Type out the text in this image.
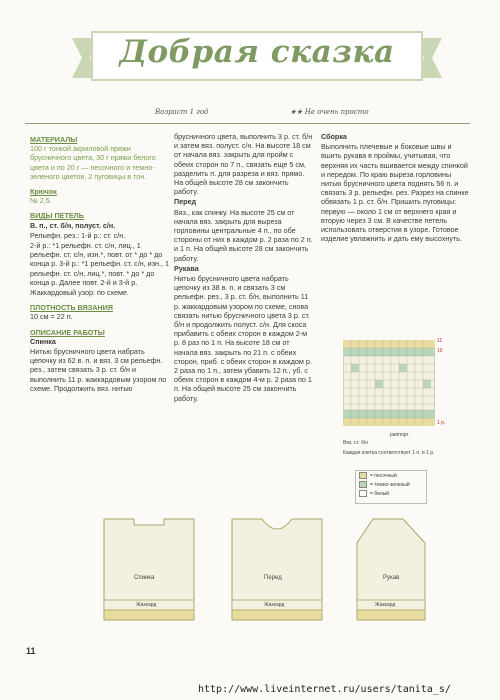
Добрая сказка
Возраст 1 год	★★ Не очень просто

МАТЕРИАЛЫ

100 г тонкой акриловой пряжи брусничного цвета, 30 г пряжи белого цвета и по 20 г — песочного и темно-зеленого цветов, 2 пуговицы в тон.

Крючок

№ 2,5.

ВИДЫ ПЕТЕЛЬ

В. п., ст. б/н, полуст. с/н.

Рельефн. рез.: 1-й р.: ст. с/н.

2-й р.: *1 рельефн. ст. с/н, лиц., 1 рельефн. ст. с/н, изн.*, повт. от * до * до конца р. 3-й р.: *1 рельефн. ст. с/н, изн., 1 рельефн. ст. с/н, лиц.*, повт. * до * до конца р. Далее повт. 2-й и 3-й р.

Жаккардовый узор: по схеме.

ПЛОТНОСТЬ ВЯЗАНИЯ

10 см = 22 п.

ОПИСАНИЕ РАБОТЫ

Спинка

Нитью брусничного цвета набрать цепочку из 62 в. п. и вяз. 3 см рельефн. рез., затем связать 3 р. ст. б/н и выполнить 11 р. жаккардовым узором по схеме. Продолжить вяз. нитью

брусничного цвета, выполнить 3 р. ст. б/н и затем вяз. полуст. с/н. На высоте 18 см от начала вяз. закрыть для пройм с обеих сторон по 7 п., связать еще 5 см, разделить п. для разреза и вяз. прямо. На общей высоте 28 см закончить работу.

Перед

Вяз., как спинку. На высоте 25 см от начала вяз. закрыть для выреза горловины центральные 4 п., по обе стороны от них в каждом р. 2 раза по 2 п. и 1 п. На общей высоте 28 см закончить работу.

Рукава

Нитью брусничного цвета набрать цепочку из 38 в. п. и связать 3 см рельефн. рез., 3 р. ст. б/н, выполнить 11 р. жаккардовым узором по схеме, снова связать нитью брусничного цвета 3 р. ст. б/н и продолжить полуст. с/н. Для скоса прибавить с обеих сторон в каждом 2-м р. 8 раз по 1 п. На высоте 18 см от начала вяз. закрыть по 21 п. с обеих сторон, приб. с обеих сторон в каждом р. 2 раза по 1 п., затем убавить 12 п., уб. с обеих сторон в каждом 4-м р. 2 раза по 1 п. На общей высоте 25 см закончить работу.

Сборка

Выполнить плечевые и боковые швы и вшить рукава в проймы, учитывая, что верхняя их часть вшивается между спинкой и передом. По краю выреза горловины нитью брусничного цвета поднять 56 п. и связать 3 р. рельефн. рез. Разрез на спинке обвязать 1 р. ст. б/н. Пришить пуговицы: первую — около 1 см от верхнего края и вторую через 3 см. В качестве петель использовать отверстия в узоре. Готовое изделие увлажнить и дать ему высохнуть.

11
10
1 р.
раппорт
Вяз. ст. б/н
Каждая клетка соответствует 1 п. и 1 р.
= песочный
= темно-зеленый
= белый
Спинка
Жаккард
Перед
Жаккард
Рукав
Жаккард
11
http://www.liveinternet.ru/users/tanita_s/
